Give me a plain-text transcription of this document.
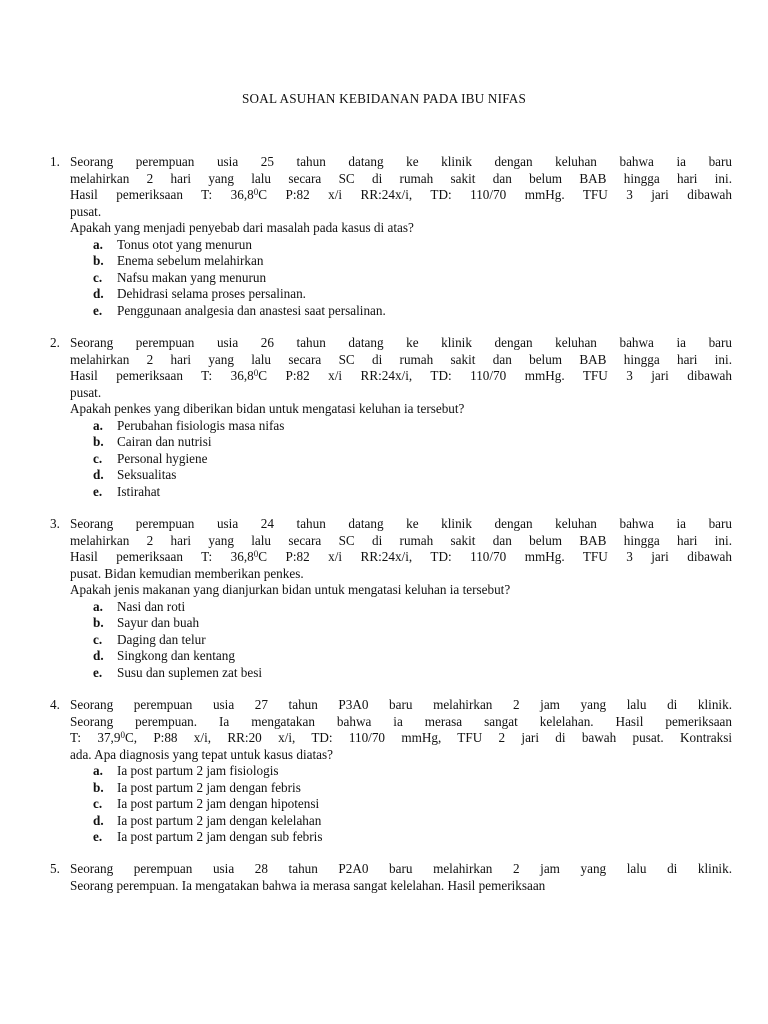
SOAL ASUHAN KEBIDANAN PADA IBU NIFAS
1. Seorang perempuan usia 25 tahun datang ke klinik dengan keluhan bahwa ia baru
melahirkan 2 hari yang lalu secara SC di rumah sakit dan belum BAB hingga hari ini.
Hasil pemeriksaan T: 36,8$^0$C P:82 x/i RR:24x/i, TD: 110/70 mmHg. TFU 3 jari dibawah
pusat.
Apakah yang menjadi penyebab dari masalah pada kasus di atas?
a.	Tonus otot yang menurun
b.	Enema sebelum melahirkan
c.	Nafsu makan yang menurun
d.	Dehidrasi selama proses persalinan.
e.	Penggunaan analgesia dan anastesi saat persalinan.
2. Seorang perempuan usia 26 tahun datang ke klinik dengan keluhan bahwa ia baru
melahirkan 2 hari yang lalu secara SC di rumah sakit dan belum BAB hingga hari ini.
Hasil pemeriksaan T: 36,8$^0$C P:82 x/i RR:24x/i, TD: 110/70 mmHg. TFU 3 jari dibawah
pusat.
Apakah penkes yang diberikan bidan untuk mengatasi keluhan ia tersebut?
a.	Perubahan fisiologis masa nifas
b.	Cairan dan nutrisi
c.	Personal hygiene
d.	Seksualitas
e.	Istirahat
3. Seorang perempuan usia 24 tahun datang ke klinik dengan keluhan bahwa ia baru
melahirkan 2 hari yang lalu secara SC di rumah sakit dan belum BAB hingga hari ini.
Hasil pemeriksaan T: 36,8$^0$C P:82 x/i RR:24x/i, TD: 110/70 mmHg. TFU 3 jari dibawah
pusat. Bidan kemudian memberikan penkes.
Apakah jenis makanan yang dianjurkan bidan untuk mengatasi keluhan ia tersebut?
a.	Nasi dan roti
b.	Sayur dan buah
c.	Daging dan telur
d.	Singkong dan kentang
e.	Susu dan suplemen zat besi
4. Seorang perempuan usia 27 tahun P3A0 baru melahirkan 2 jam yang lalu di klinik.
Seorang perempuan. Ia mengatakan bahwa ia merasa sangat kelelahan. Hasil pemeriksaan
T: 37,9$^0$C, P:88 x/i, RR:20 x/i, TD: 110/70 mmHg, TFU 2 jari di bawah pusat. Kontraksi
ada. Apa diagnosis yang tepat untuk kasus diatas?
a.	Ia post partum 2 jam fisiologis
b.	Ia post partum 2 jam dengan febris
c.	Ia post partum 2 jam dengan hipotensi
d.	Ia post partum 2 jam dengan kelelahan
e.	Ia post partum 2 jam dengan sub febris
5. Seorang perempuan usia 28 tahun P2A0 baru melahirkan 2 jam yang lalu di klinik.
Seorang perempuan. Ia mengatakan bahwa ia merasa sangat kelelahan. Hasil pemeriksaan
